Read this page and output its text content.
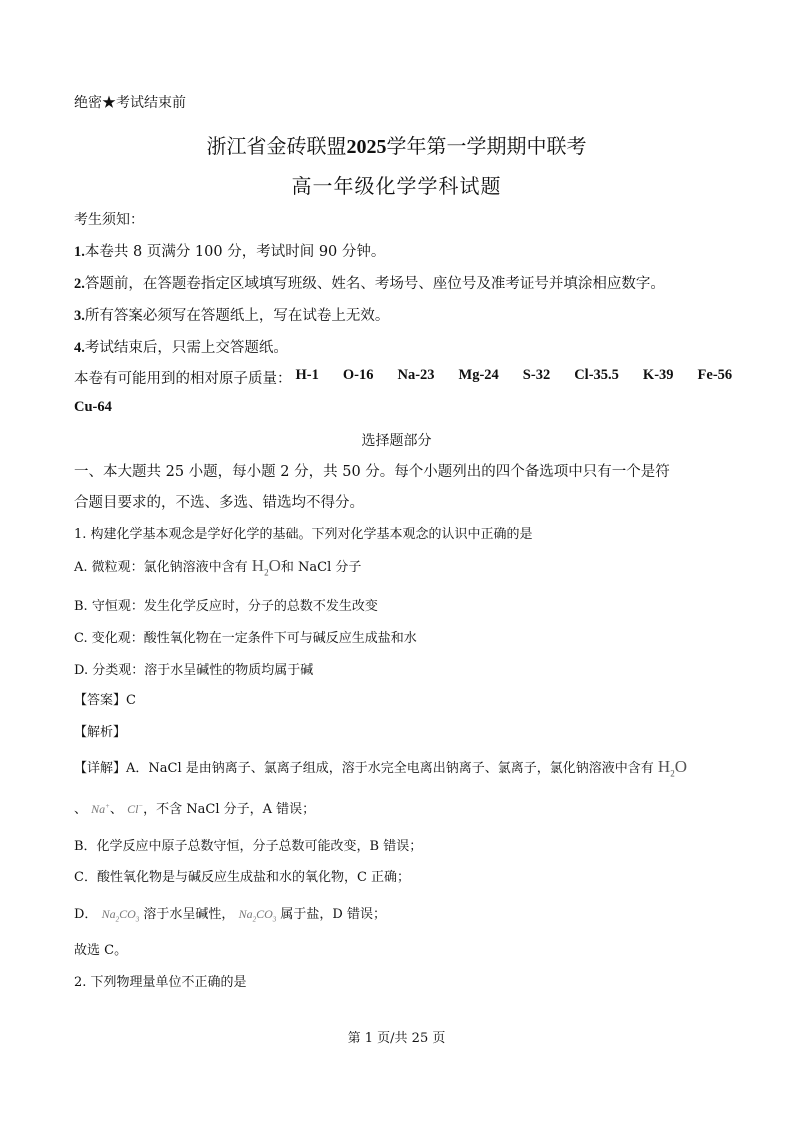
绝密★考试结束前
浙江省金砖联盟2025学年第一学期期中联考
高一年级化学学科试题
考生须知：
1.本卷共 8 页满分 100 分，考试时间 90 分钟。
2.答题前，在答题卷指定区域填写班级、姓名、考场号、座位号及准考证号并填涂相应数字。
3.所有答案必须写在答题纸上，写在试卷上无效。
4.考试结束后，只需上交答题纸。
本卷有可能用到的相对原子质量： H-1 O-16 Na-23 Mg-24 S-32 Cl-35.5 K-39 Fe-56
Cu-64
选择题部分
一、本大题共 25 小题，每小题 2 分，共 50 分。每个小题列出的四个备选项中只有一个是符
合题目要求的，不选、多选、错选均不得分。
1. 构建化学基本观念是学好化学的基础。下列对化学基本观念的认识中正确的是
A. 微粒观：氯化钠溶液中含有 $H_2O$和 NaCl 分子
B. 守恒观：发生化学反应时，分子的总数不发生改变
C. 变化观：酸性氧化物在一定条件下可与碱反应生成盐和水
D. 分类观：溶于水呈碱性的物质均属于碱
【答案】C
【解析】
【详解】A．NaCl 是由钠离子、氯离子组成，溶于水完全电离出钠离子、氯离子，氯化钠溶液中含有 $H_2O$
、 Na+、 Cl−，不含 NaCl 分子，A 错误；
B．化学反应中原子总数守恒，分子总数可能改变，B 错误；
C．酸性氧化物是与碱反应生成盐和水的氧化物，C 正确；
D． $Na_2CO_3$ 溶于水呈碱性， $Na_2CO_3$ 属于盐，D 错误；
故选 C。
2. 下列物理量单位不正确的是
第 1 页/共 25 页
